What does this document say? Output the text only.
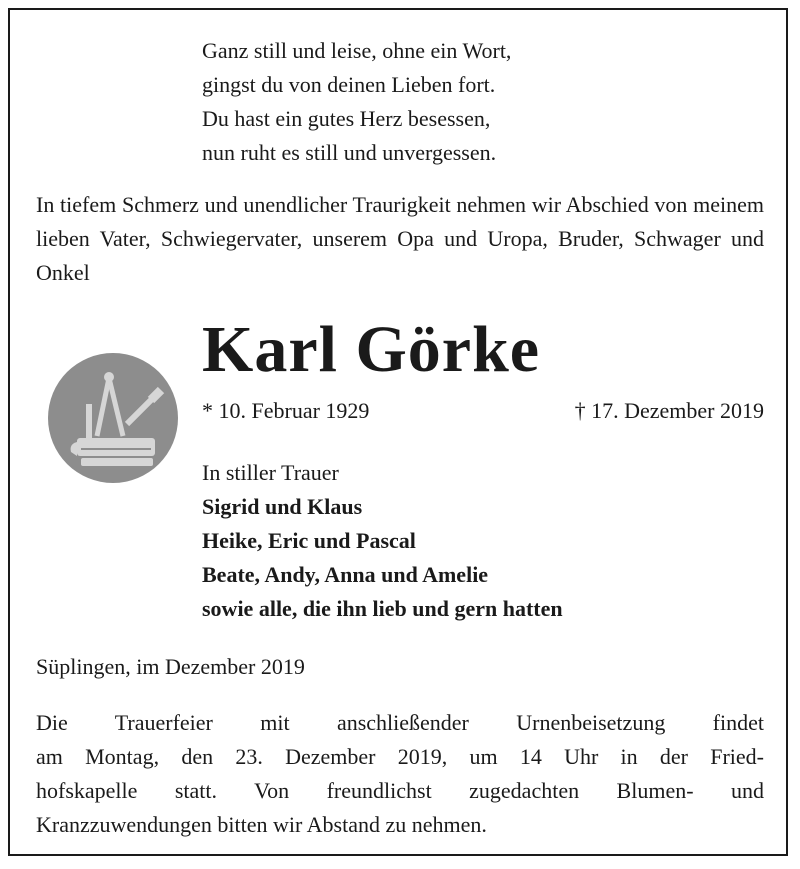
Ganz still und leise, ohne ein Wort,
gingst du von deinen Lieben fort.
Du hast ein gutes Herz besessen,
nun ruht es still und unvergessen.
In tiefem Schmerz und unendlicher Traurigkeit nehmen wir Abschied von meinem lieben Vater, Schwiegervater, unserem Opa und Uropa, Bruder, Schwager und Onkel
Karl Görke
* 10. Februar 1929	† 17. Dezember 2019
In stiller Trauer
Sigrid und Klaus
Heike, Eric und Pascal
Beate, Andy, Anna und Amelie
sowie alle, die ihn lieb und gern hatten
Süplingen, im Dezember 2019
Die Trauerfeier mit anschließender Urnenbeisetzung findet
am Montag, den 23. Dezember 2019, um 14 Uhr in der Fried-
hofskapelle statt. Von freundlichst zugedachten Blumen- und
Kranzzuwendungen bitten wir Abstand zu nehmen.
